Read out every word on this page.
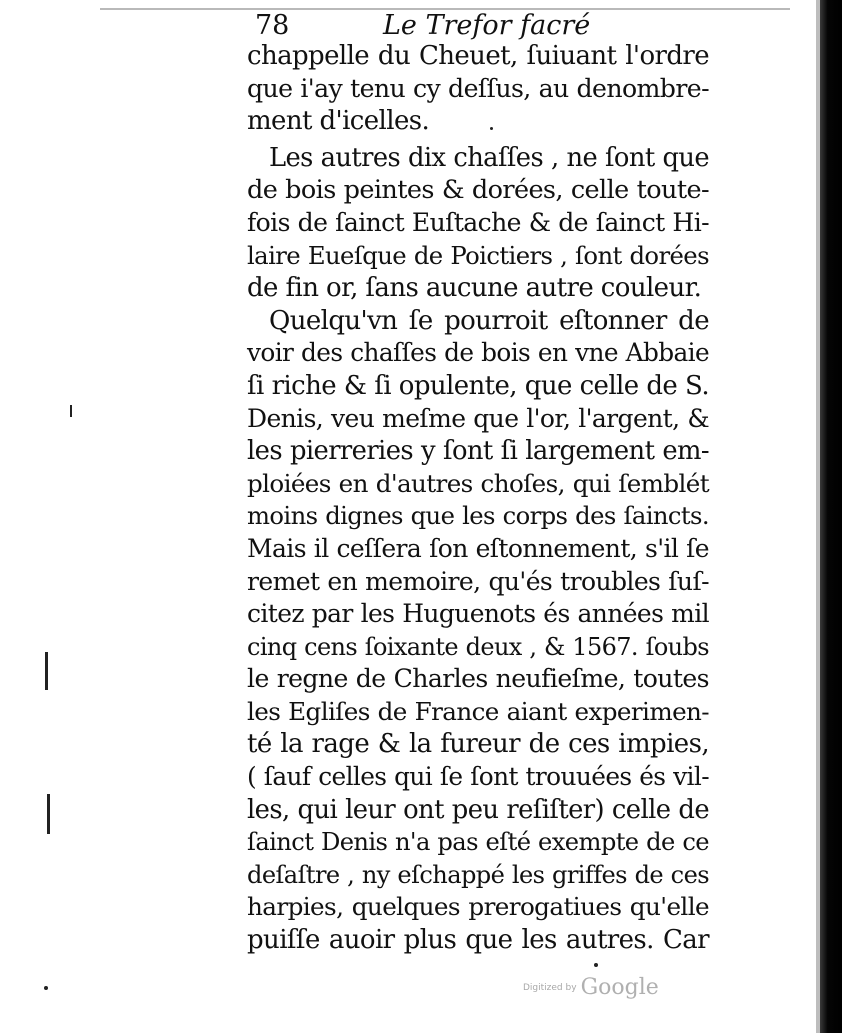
78	Le Trefor facré
chappelle du Cheuet, ſuiuant l'ordre
que i'ay tenu cy deſſus, au denombre-
ment d'icelles.
Les autres dix chaſſes , ne ſont que
de bois peintes & dorées, celle toute-
fois de ſainct Euſtache & de ſainct Hi-
laire Eueſque de Poictiers , ſont dorées
de fin or, ſans aucune autre couleur.
Quelqu'vn ſe pourroit eſtonner de
voir des chaſſes de bois en vne Abbaie
ſi riche & ſi opulente, que celle de S.
Denis, veu meſme que l'or, l'argent, &
les pierreries y ſont ſi largement em-
ploiées en d'autres choſes, qui ſemblét
moins dignes que les corps des ſaincts.
Mais il ceſſera ſon eſtonnement, s'il ſe
remet en memoire, qu'és troubles ſuſ-
citez par les Huguenots és années mil
cinq cens ſoixante deux , & 1567. ſoubs
le regne de Charles neufieſme, toutes
les Egliſes de France aiant experimen-
té la rage & la fureur de ces impies,
( ſauf celles qui ſe ſont trouuées és vil-
les, qui leur ont peu reſiſter) celle de
ſainct Denis n'a pas eſté exempte de ce
deſaſtre , ny eſchappé les griffes de ces
harpies, quelques prerogatiues qu'elle
puiſſe auoir plus que les autres. Car
Digitized by Google
